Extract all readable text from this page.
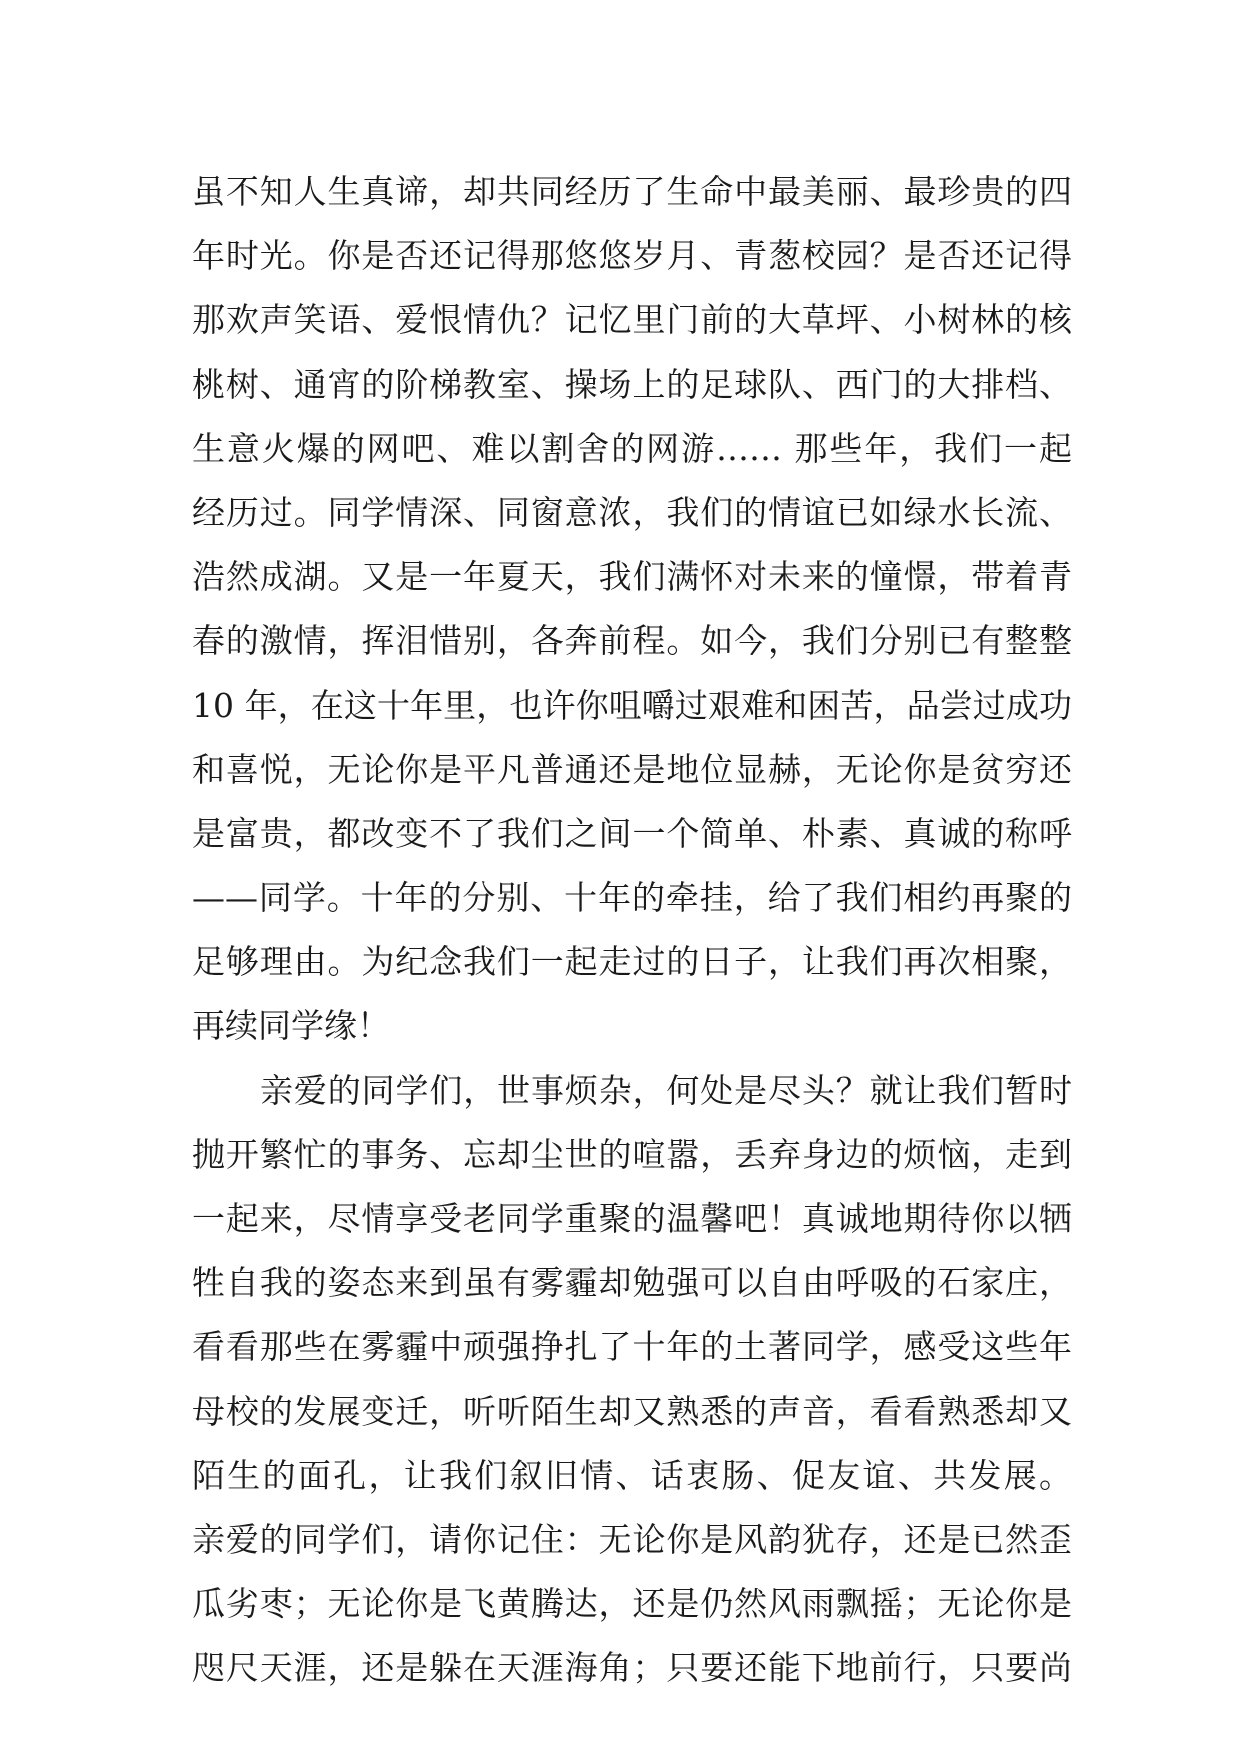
虽不知人生真谛，却共同经历了生命中最美丽、最珍贵的四
年时光。你是否还记得那悠悠岁月、青葱校园？是否还记得
那欢声笑语、爱恨情仇？记忆里门前的大草坪、小树林的核
桃树、通宵的阶梯教室、操场上的足球队、西门的大排档、
生意火爆的网吧、难以割舍的网游…… 那些年，我们一起
经历过。同学情深、同窗意浓，我们的情谊已如绿水长流、
浩然成湖。又是一年夏天，我们满怀对未来的憧憬，带着青
春的激情，挥泪惜别，各奔前程。如今，我们分别已有整整
10 年，在这十年里，也许你咀嚼过艰难和困苦，品尝过成功
和喜悦，无论你是平凡普通还是地位显赫，无论你是贫穷还
是富贵，都改变不了我们之间一个简单、朴素、真诚的称呼
——同学。十年的分别、十年的牵挂，给了我们相约再聚的
足够理由。为纪念我们一起走过的日子，让我们再次相聚，
再续同学缘！
亲爱的同学们，世事烦杂，何处是尽头？就让我们暂时
抛开繁忙的事务、忘却尘世的喧嚣，丢弃身边的烦恼，走到
一起来，尽情享受老同学重聚的温馨吧！真诚地期待你以牺
牲自我的姿态来到虽有雾霾却勉强可以自由呼吸的石家庄，
看看那些在雾霾中顽强挣扎了十年的土著同学，感受这些年
母校的发展变迁，听听陌生却又熟悉的声音，看看熟悉却又
陌生的面孔，让我们叙旧情、话衷肠、促友谊、共发展。
亲爱的同学们，请你记住：无论你是风韵犹存，还是已然歪
瓜劣枣；无论你是飞黄腾达，还是仍然风雨飘摇；无论你是
咫尺天涯，还是躲在天涯海角；只要还能下地前行，只要尚
